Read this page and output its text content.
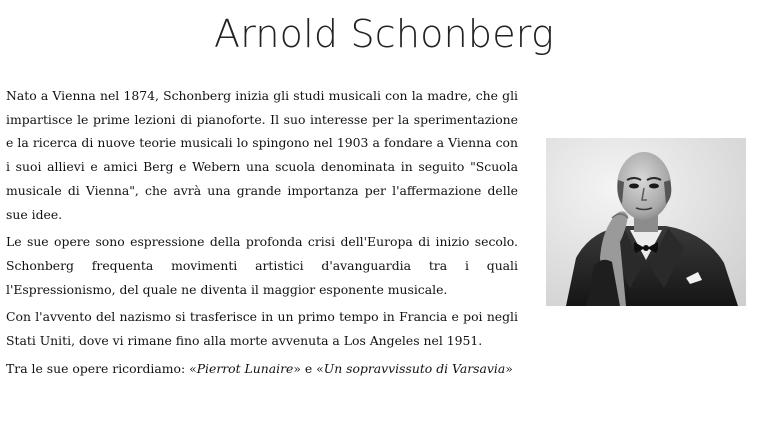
Arnold Schonberg

Nato a Vienna nel 1874, Schonberg inizia gli studi musicali con la madre, che gli impartisce le prime lezioni di pianoforte. Il suo interesse per la sperimentazione e la ricerca di nuove teorie musicali lo spingono nel 1903 a fondare a Vienna con i suoi allievi e amici Berg e Webern una scuola denominata in seguito "Scuola musicale di Vienna", che avrà una grande importanza per l'affermazione delle sue idee.

Le sue opere sono espressione della profonda crisi dell'Europa di inizio secolo. Schonberg frequenta movimenti artistici d'avanguardia tra i quali l'Espressionismo, del quale ne diventa il maggior esponente musicale.

Con l'avvento del nazismo si trasferisce in un primo tempo in Francia e poi negli Stati Uniti, dove vi rimane fino alla morte avvenuta a Los Angeles nel 1951.

Tra le sue opere ricordiamo: «Pierrot Lunaire» e «Un sopravvissuto di Varsavia»
